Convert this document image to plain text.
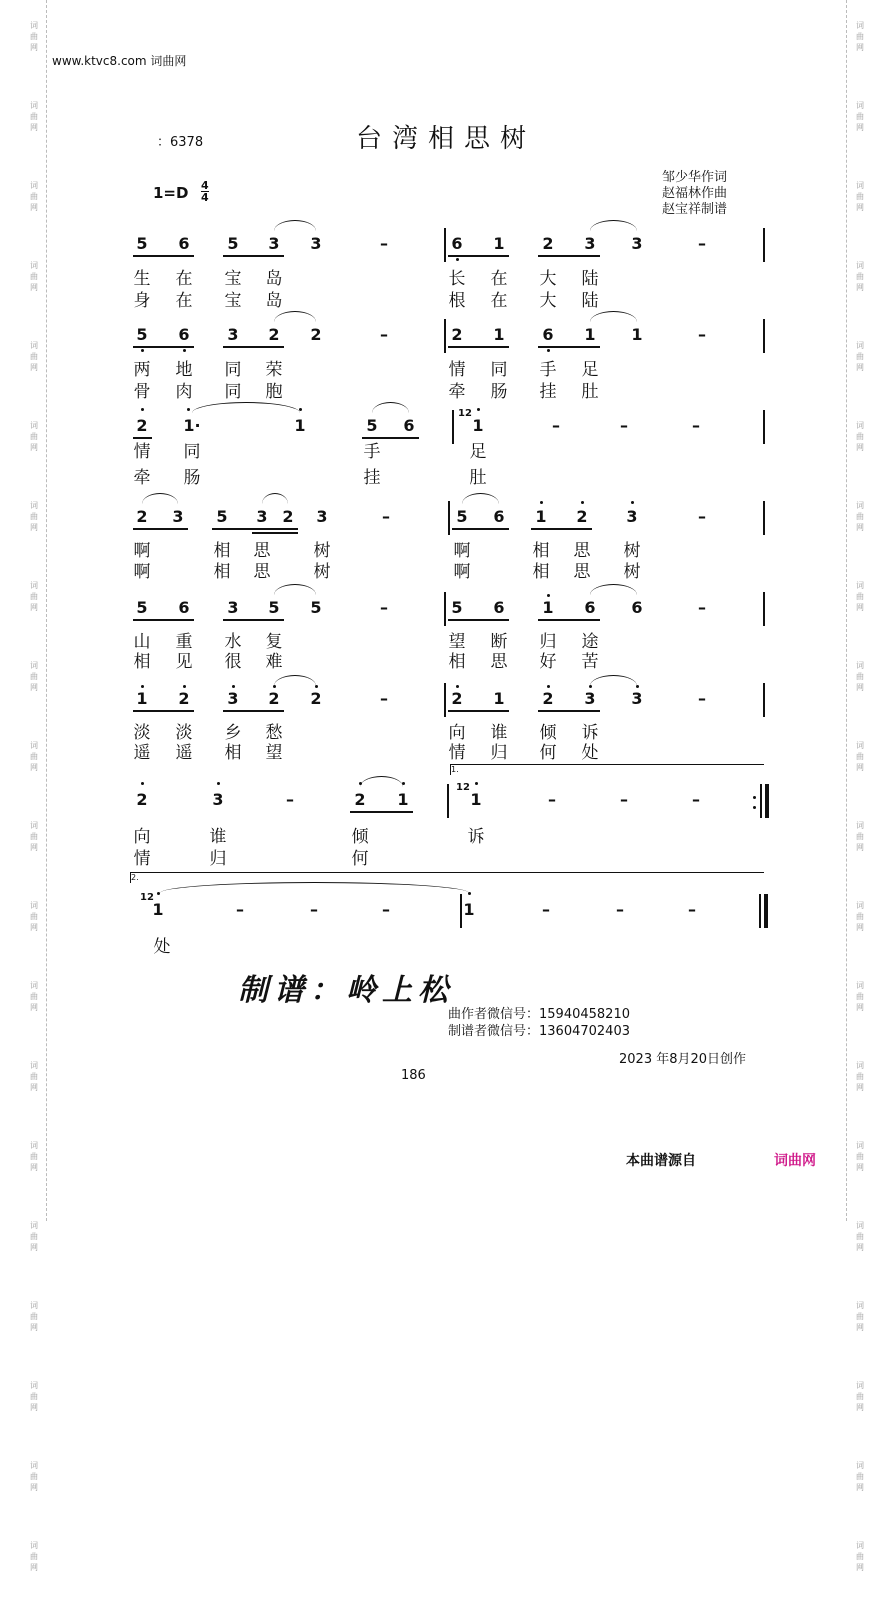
词
曲
网
词
曲
网
词
曲
网
词
曲
网
词
曲
网
词
曲
网
词
曲
网
词
曲
网
词
曲
网
词
曲
网
词
曲
网
词
曲
网
词
曲
网
词
曲
网
词
曲
网
词
曲
网
词
曲
网
词
曲
网
词
曲
网
词
曲
网
词
曲
网
词
曲
网
词
曲
网
词
曲
网
词
曲
网
词
曲
网
词
曲
网
词
曲
网
词
曲
网
词
曲
网
词
曲
网
词
曲
网
词
曲
网
词
曲
网
词
曲
网
词
曲
网
词
曲
网
词
曲
网
词
曲
网
词
曲
网
www.ktvc8.com 词曲网
台湾相思树
：6378
$1=D \frac{4}{4}$
邹少华作词
赵福林作曲
赵宝祥制谱
5 6 5 3 3	–	6 1 2 3 3	–
生 在 宝 岛	长 在 大 陆
身 在 宝 岛	根 在 大 陆
5 6 3 2 2	–	2 1 6 1 1	–
两 地 同 荣	情 同 手 足
骨 肉 同 胞	牵 肠 挂 肚
2 1·	1	5 6	1	–	–	–
12
情 同	手	足
牵 肠	挂	肚
2 3 5 3 2 3	–	5 6 1 2 3	–
啊	相 思	树	啊	相 思 树
啊	相 思	树	啊	相 思 树
5 6 3 5 5	–	5 6 1 6 6	–
山 重 水 复	望 断 归 途
相 见 很 难	相 思 好 苦
1 2 3 2 2	–	2 1 2 3 3	–
淡 淡 乡 愁	向 谁 倾 诉
遥 遥 相 望	情 归 何 处
2	3	–	2 1	1	–	–	–
12
1.
向	谁	倾	诉
情	归	何
1	–	–	–	1	–	–	–
12
2.
处
制谱：岭上松
曲作者微信号：15940458210
制谱者微信号：13604702403
2023 年8月20日创作
186
本曲谱源自	词曲网
